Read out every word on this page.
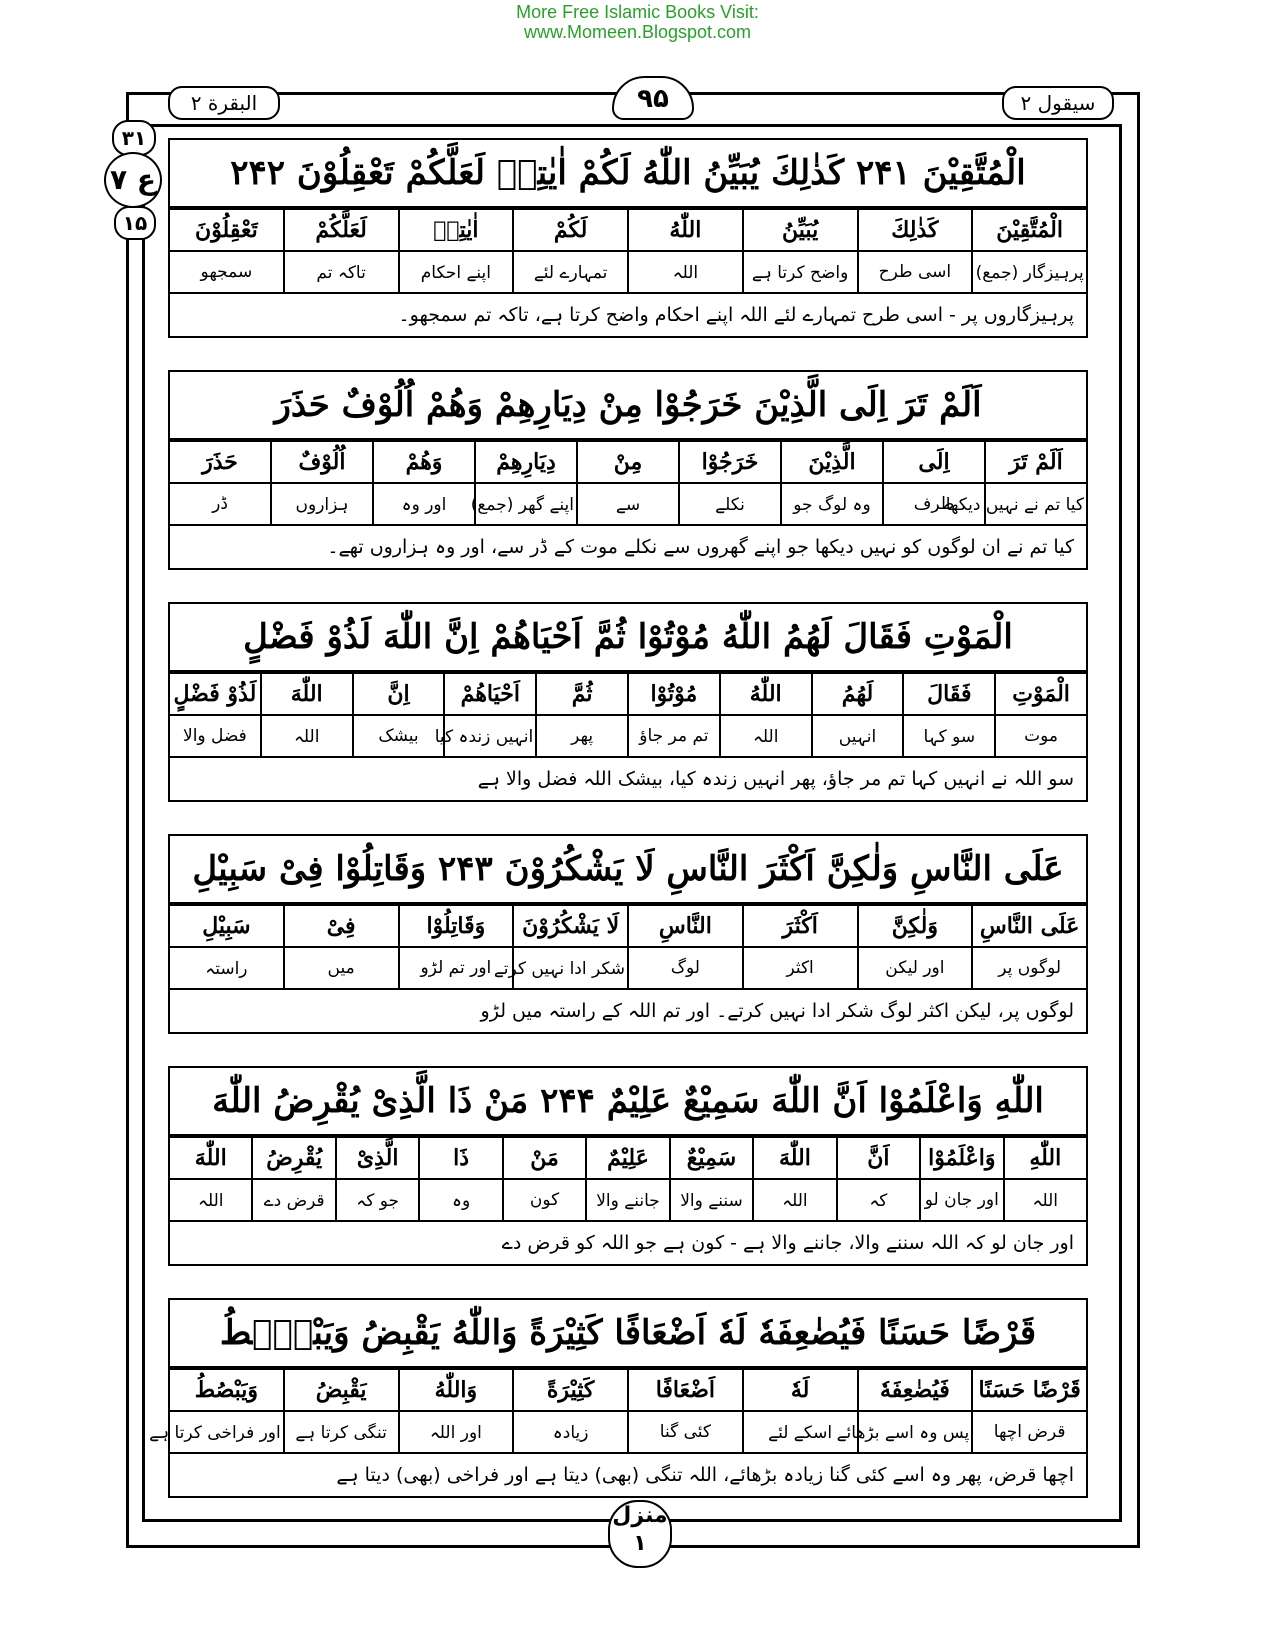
More Free Islamic Books Visit:
www.Momeen.Blogspot.com
البقرة ۲	۹۵	سیقول ۲
۳۱
ع ۷
۱۵
الْمُتَّقِیْنَ ۲۴۱ كَذٰلِكَ یُبَیِّنُ اللّٰهُ لَكُمْ اٰیٰتِهٖ لَعَلَّكُمْ تَعْقِلُوْنَ ۲۴۲
الْمُتَّقِیْنَ	كَذٰلِكَ	یُبَیِّنُ	اللّٰهُ	لَكُمْ	اٰیٰتِهٖ	لَعَلَّكُمْ	تَعْقِلُوْنَ
پرہیزگار (جمع)	اسی طرح	واضح کرتا ہے	اللہ	تمہارے لئے	اپنے احکام	تاکہ تم	سمجھو
پرہیزگاروں پر - اسی طرح تمہارے لئے اللہ اپنے احکام واضح کرتا ہے، تاکہ تم سمجھو۔
اَلَمْ تَرَ اِلَى الَّذِیْنَ خَرَجُوْا مِنْ دِیَارِهِمْ وَهُمْ اُلُوْفٌ حَذَرَ
اَلَمْ تَرَ	اِلَى	الَّذِیْنَ	خَرَجُوْا	مِنْ	دِیَارِهِمْ	وَهُمْ	اُلُوْفٌ	حَذَرَ
کیا تم نے نہیں دیکھا	طرف	وہ لوگ جو	نکلے	سے	اپنے گھر (جمع)	اور وہ	ہزاروں	ڈر
کیا تم نے ان لوگوں کو نہیں دیکھا جو اپنے گھروں سے نکلے موت کے ڈر سے، اور وہ ہزاروں تھے۔
الْمَوْتِ فَقَالَ لَهُمُ اللّٰهُ مُوْتُوْا ثُمَّ اَحْیَاهُمْ اِنَّ اللّٰهَ لَذُوْ فَضْلٍ
الْمَوْتِ	فَقَالَ	لَهُمُ	اللّٰهُ	مُوْتُوْا	ثُمَّ	اَحْیَاهُمْ	اِنَّ	اللّٰهَ	لَذُوْ فَضْلٍ
موت	سو کہا	انہیں	اللہ	تم مر جاؤ	پھر	انہیں زندہ کیا	بیشک	اللہ	فضل والا
سو اللہ نے انہیں کہا تم مر جاؤ، پھر انہیں زندہ کیا، بیشک اللہ فضل والا ہے
عَلَى النَّاسِ وَلٰكِنَّ اَكْثَرَ النَّاسِ لَا یَشْكُرُوْنَ ۲۴۳ وَقَاتِلُوْا فِیْ سَبِیْلِ
عَلَى النَّاسِ	وَلٰكِنَّ	اَكْثَرَ	النَّاسِ	لَا یَشْكُرُوْنَ	وَقَاتِلُوْا	فِیْ	سَبِیْلِ
لوگوں پر	اور لیکن	اکثر	لوگ	شکر ادا نہیں کرتے	اور تم لڑو	میں	راستہ
لوگوں پر، لیکن اکثر لوگ شکر ادا نہیں کرتے۔ اور تم اللہ کے راستہ میں لڑو
اللّٰهِ وَاعْلَمُوْا اَنَّ اللّٰهَ سَمِیْعٌ عَلِیْمٌ ۲۴۴ مَنْ ذَا الَّذِیْ یُقْرِضُ اللّٰهَ
اللّٰهِ	وَاعْلَمُوْا	اَنَّ	اللّٰهَ	سَمِیْعٌ	عَلِیْمٌ	مَنْ	ذَا	الَّذِیْ	یُقْرِضُ	اللّٰهَ
اللہ	اور جان لو	کہ	اللہ	سننے والا	جاننے والا	کون	وہ	جو کہ	قرض دے	اللہ
اور جان لو کہ اللہ سننے والا، جاننے والا ہے - کون ہے جو اللہ کو قرض دے
قَرْضًا حَسَنًا فَیُضٰعِفَهٗ لَهٗ اَضْعَافًا كَثِیْرَةً وَاللّٰهُ یَقْبِضُ وَیَبْصُۜطُ
قَرْضًا حَسَنًا	فَیُضٰعِفَهٗ	لَهٗ	اَضْعَافًا	كَثِیْرَةً	وَاللّٰهُ	یَقْبِضُ	وَیَبْصُطُ
قرض اچھا	پس وہ اسے بڑھائے	اسکے لئے	کئی گنا	زیادہ	اور اللہ	تنگی کرتا ہے	اور فراخی کرتا ہے
اچھا قرض، پھر وہ اسے کئی گنا زیادہ بڑھائے، اللہ تنگی (بھی) دیتا ہے اور فراخی (بھی) دیتا ہے
منزل
۱
